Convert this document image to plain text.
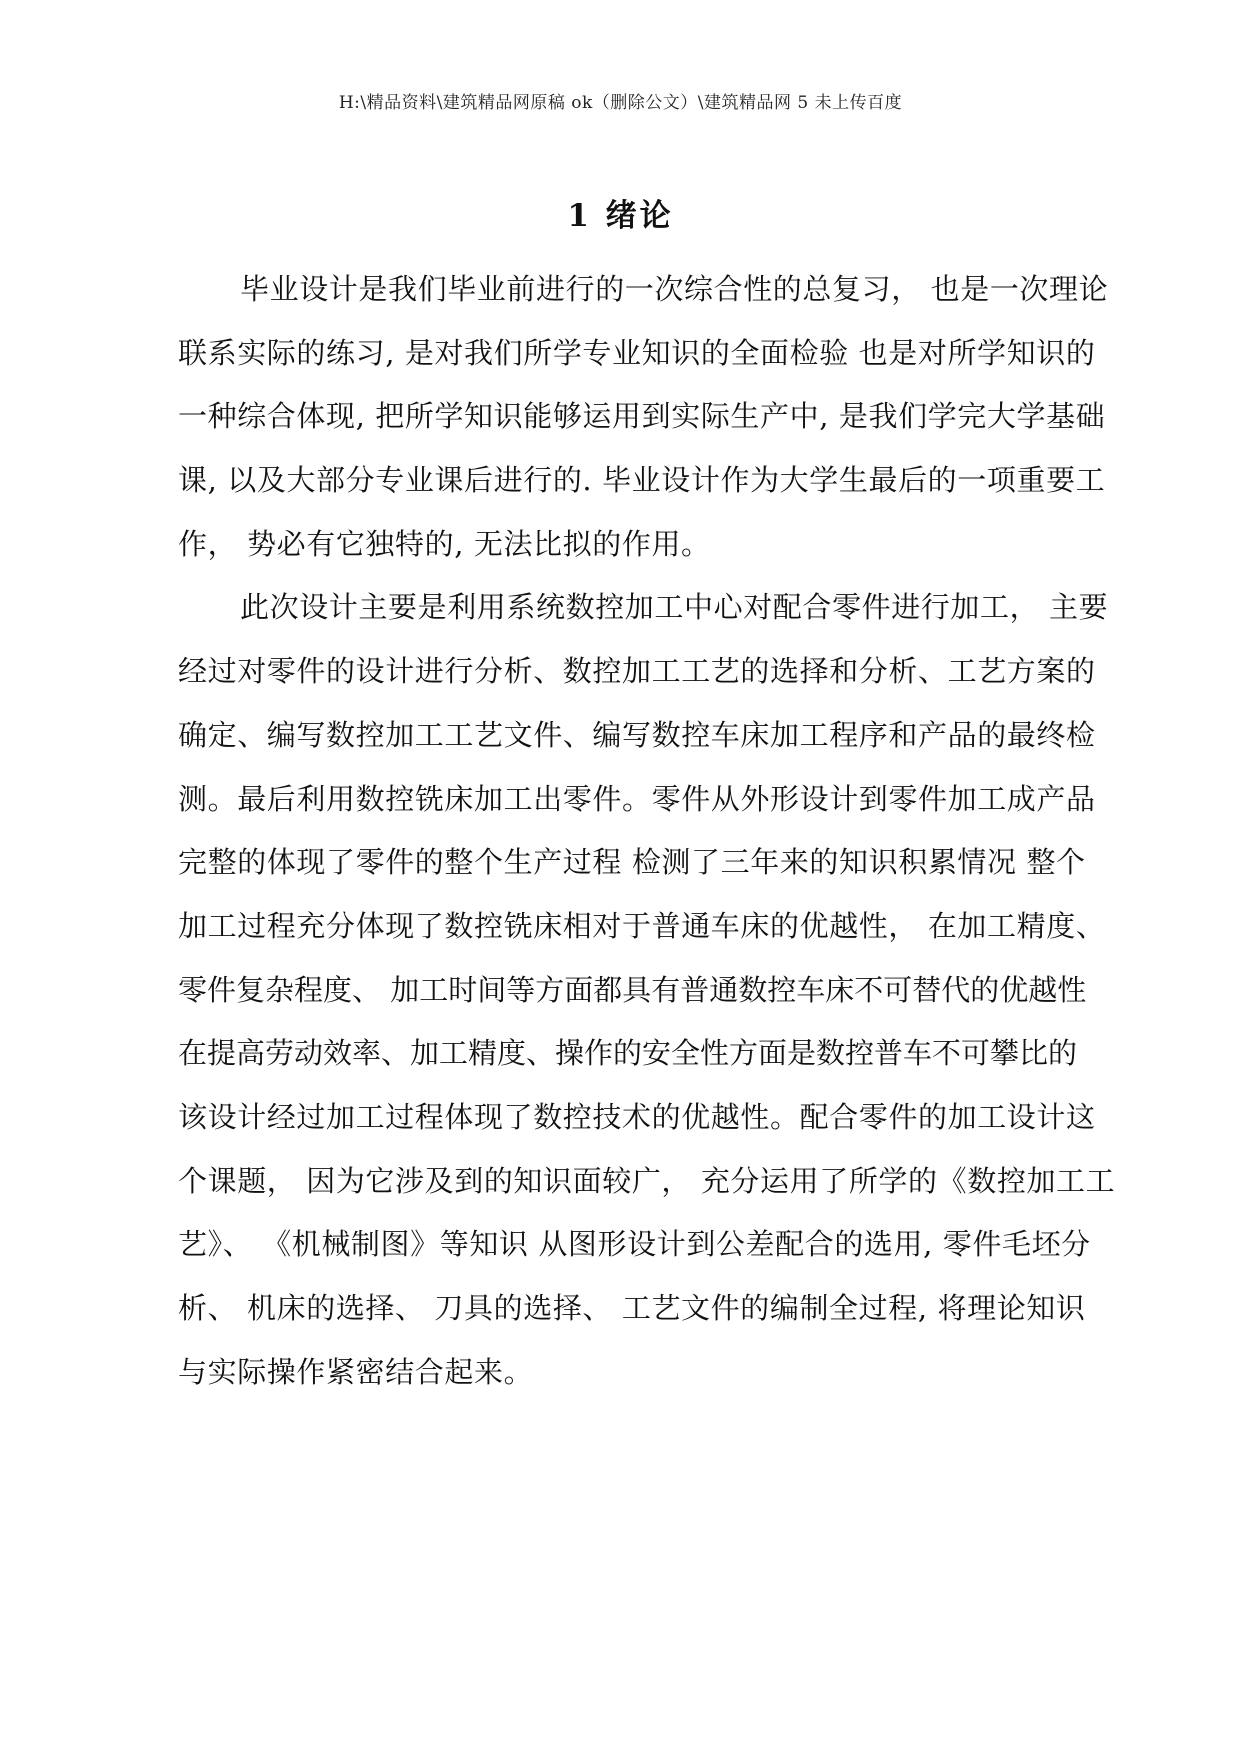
H:\精品资料\建筑精品网原稿 ok（删除公文）\建筑精品网 5 未上传百度
1 绪论
毕业设计是我们毕业前进行的一次综合性的总复习， 也是一次理论
联系实际的练习, 是对我们所学专业知识的全面检验 也是对所学知识的
一种综合体现, 把所学知识能够运用到实际生产中, 是我们学完大学基础
课, 以及大部分专业课后进行的. 毕业设计作为大学生最后的一项重要工
作， 势必有它独特的, 无法比拟的作用。
此次设计主要是利用系统数控加工中心对配合零件进行加工， 主要
经过对零件的设计进行分析、数控加工工艺的选择和分析、工艺方案的
确定、编写数控加工工艺文件、编写数控车床加工程序和产品的最终检
测。最后利用数控铣床加工出零件。零件从外形设计到零件加工成产品
完整的体现了零件的整个生产过程 检测了三年来的知识积累情况 整个
加工过程充分体现了数控铣床相对于普通车床的优越性， 在加工精度、
零件复杂程度、 加工时间等方面都具有普通数控车床不可替代的优越性
在提高劳动效率、加工精度、操作的安全性方面是数控普车不可攀比的
该设计经过加工过程体现了数控技术的优越性。配合零件的加工设计这
个课题， 因为它涉及到的知识面较广， 充分运用了所学的《数控加工工
艺》、 《机械制图》等知识 从图形设计到公差配合的选用, 零件毛坯分
析、 机床的选择、 刀具的选择、 工艺文件的编制全过程, 将理论知识
与实际操作紧密结合起来。
